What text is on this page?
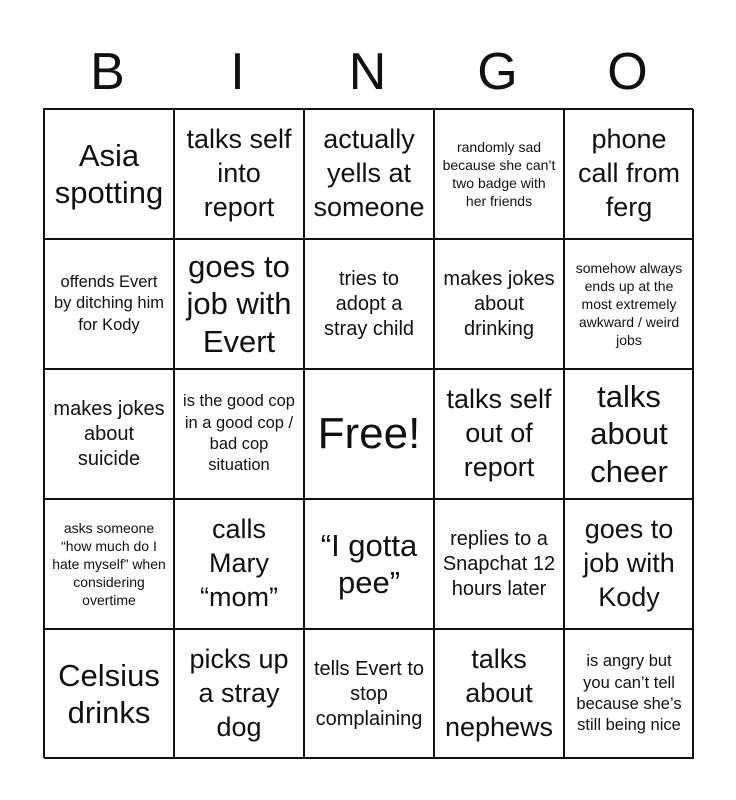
B	I	N	G	O
Asia spotting
talks self into report
actually yells at someone
randomly sad because she can’t two badge with her friends
phone call from ferg
offends Evert by ditching him for Kody
goes to job with Evert
tries to adopt a stray child
makes jokes about drinking
somehow always ends up at the most extremely awkward / weird jobs
makes jokes about suicide
is the good cop in a good cop / bad cop situation
Free!
talks self out of report
talks about cheer
asks someone “how much do I hate myself” when considering overtime
calls Mary “mom”
“I gotta pee”
replies to a Snapchat 12 hours later
goes to job with Kody
Celsius drinks
picks up a stray dog
tells Evert to stop complaining
talks about nephews
is angry but you can’t tell because she’s still being nice
